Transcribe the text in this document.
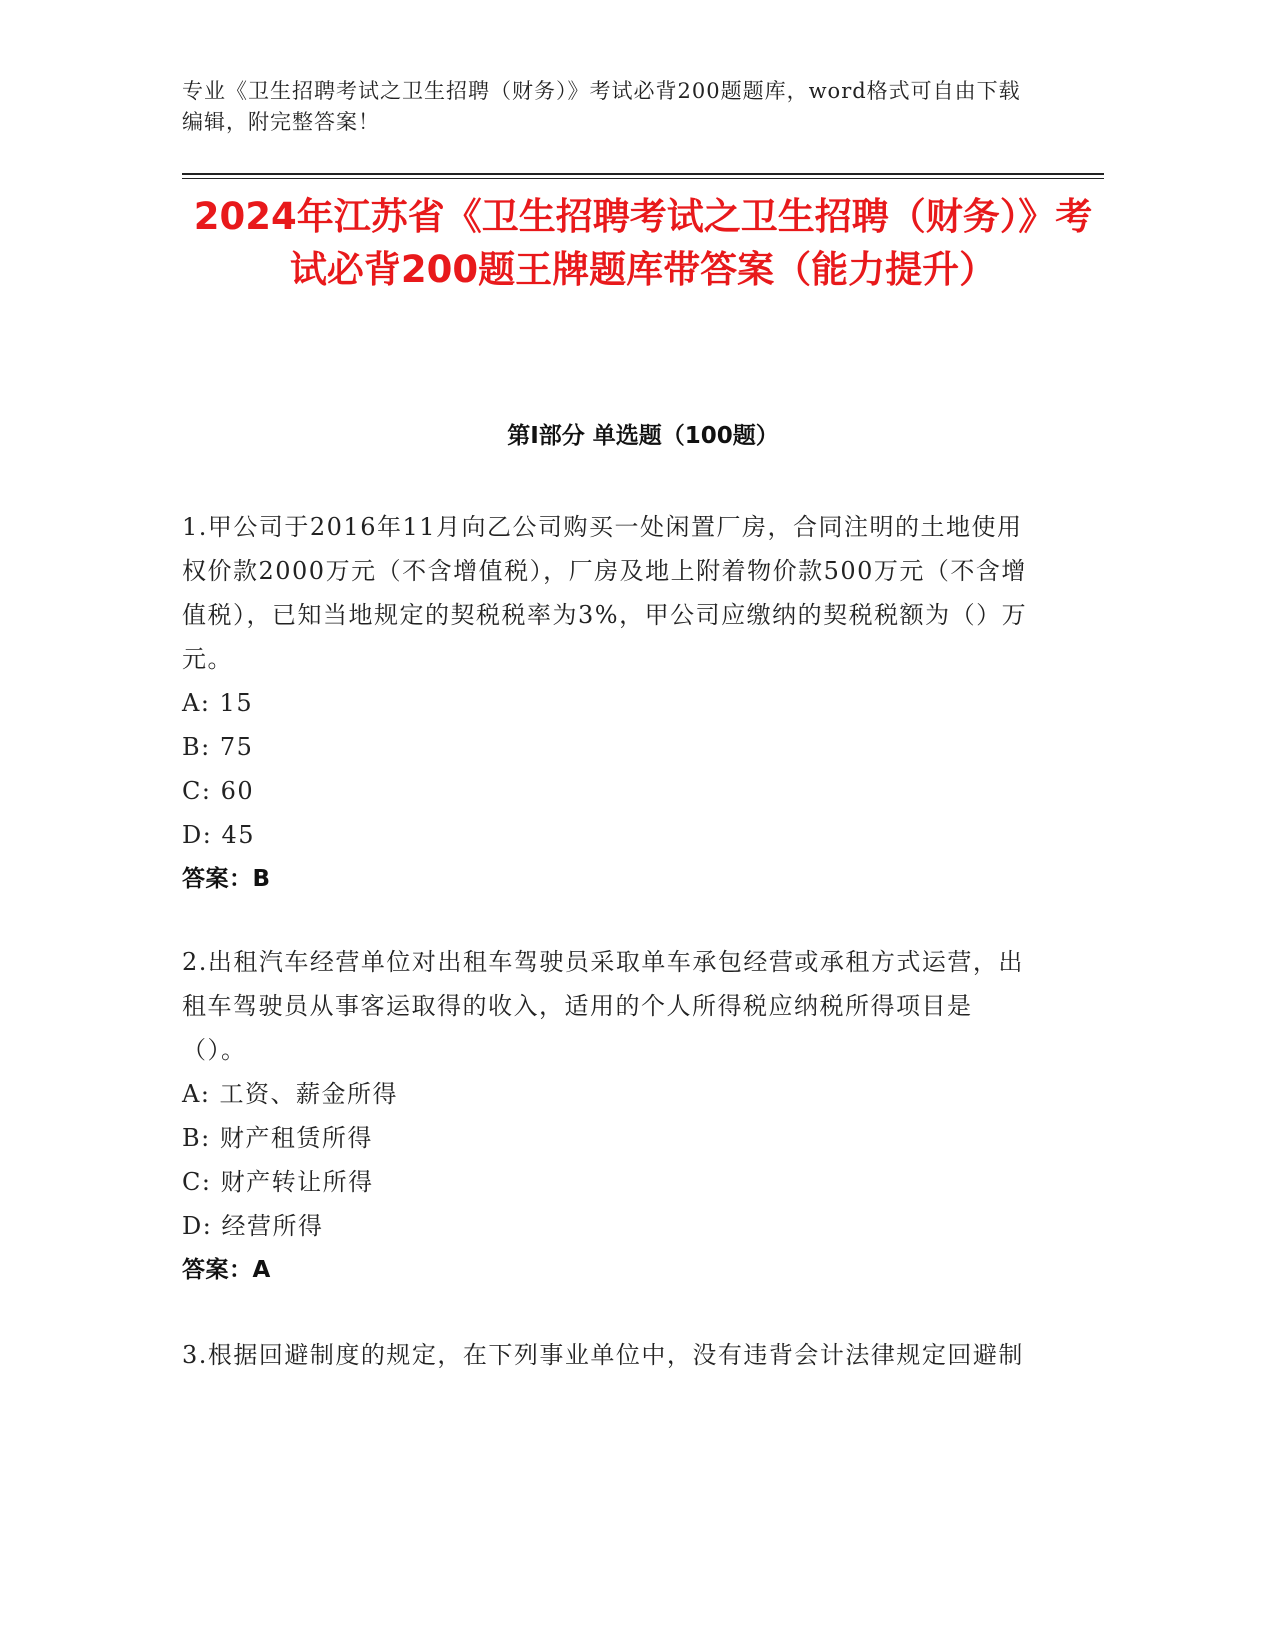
专业《卫生招聘考试之卫生招聘（财务）》考试必背200题题库，word格式可自由下载编辑，附完整答案！
2024年江苏省《卫生招聘考试之卫生招聘（财务）》考试必背200题王牌题库带答案（能力提升）
第I部分 单选题（100题）

1.甲公司于2016年11月向乙公司购买一处闲置厂房，合同注明的土地使用权价款2000万元（不含增值税），厂房及地上附着物价款500万元（不含增值税），已知当地规定的契税税率为3%，甲公司应缴纳的契税税额为（）万元。

A: 15

B: 75

C: 60

D: 45

答案：B

2.出租汽车经营单位对出租车驾驶员采取单车承包经营或承租方式运营，出租车驾驶员从事客运取得的收入，适用的个人所得税应纳税所得项目是（）。

A: 工资、薪金所得

B: 财产租赁所得

C: 财产转让所得

D: 经营所得

答案：A

3.根据回避制度的规定，在下列事业单位中，没有违背会计法律规定回避制
